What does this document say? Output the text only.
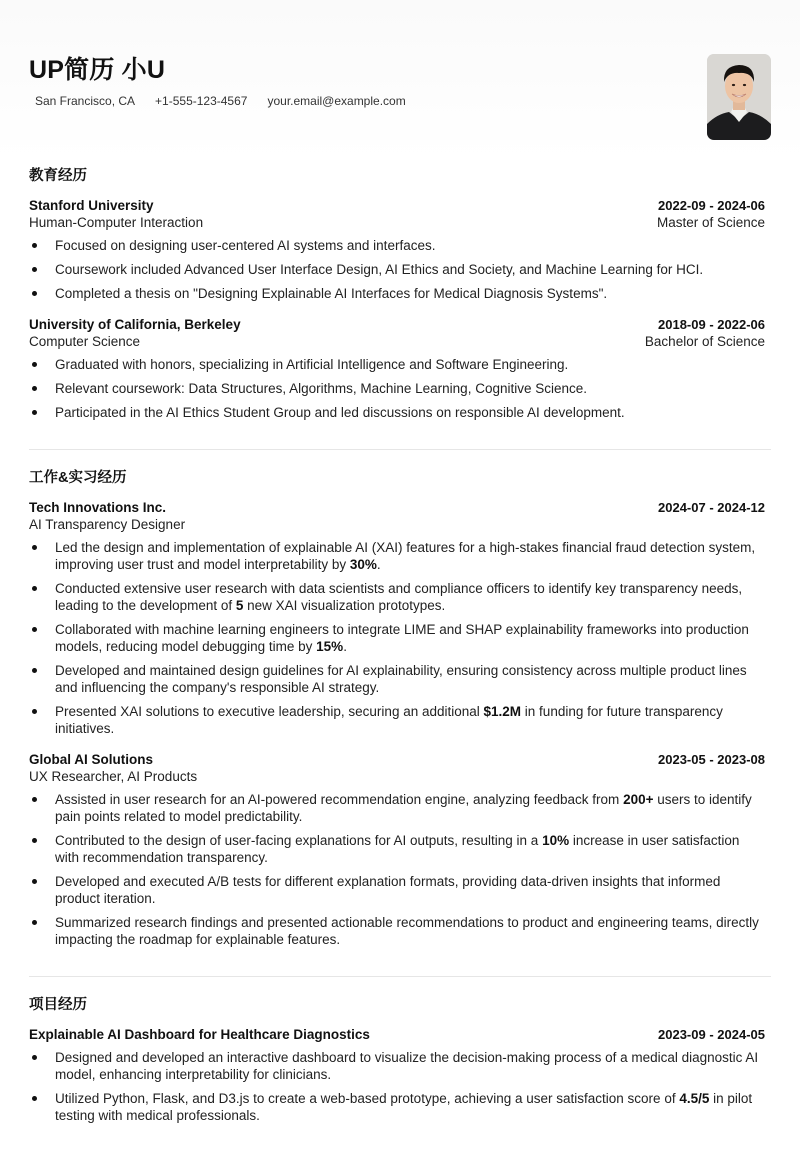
UP简历 小U
San Francisco, CA +1-555-123-4567 your.email@example.com
教育经历
Stanford University	2022-09 - 2024-06
Human-Computer Interaction	Master of Science
Focused on designing user-centered AI systems and interfaces.
Coursework included Advanced User Interface Design, AI Ethics and Society, and Machine Learning for HCI.
Completed a thesis on "Designing Explainable AI Interfaces for Medical Diagnosis Systems".
University of California, Berkeley	2018-09 - 2022-06
Computer Science	Bachelor of Science
Graduated with honors, specializing in Artificial Intelligence and Software Engineering.
Relevant coursework: Data Structures, Algorithms, Machine Learning, Cognitive Science.
Participated in the AI Ethics Student Group and led discussions on responsible AI development.
工作&实习经历
Tech Innovations Inc.	2024-07 - 2024-12
AI Transparency Designer
Led the design and implementation of explainable AI (XAI) features for a high-stakes financial fraud detection system, improving user trust and model interpretability by 30%.
Conducted extensive user research with data scientists and compliance officers to identify key transparency needs, leading to the development of 5 new XAI visualization prototypes.
Collaborated with machine learning engineers to integrate LIME and SHAP explainability frameworks into production models, reducing model debugging time by 15%.
Developed and maintained design guidelines for AI explainability, ensuring consistency across multiple product lines and influencing the company's responsible AI strategy.
Presented XAI solutions to executive leadership, securing an additional $1.2M in funding for future transparency initiatives.
Global AI Solutions	2023-05 - 2023-08
UX Researcher, AI Products
Assisted in user research for an AI-powered recommendation engine, analyzing feedback from 200+ users to identify pain points related to model predictability.
Contributed to the design of user-facing explanations for AI outputs, resulting in a 10% increase in user satisfaction with recommendation transparency.
Developed and executed A/B tests for different explanation formats, providing data-driven insights that informed product iteration.
Summarized research findings and presented actionable recommendations to product and engineering teams, directly impacting the roadmap for explainable features.
项目经历
Explainable AI Dashboard for Healthcare Diagnostics	2023-09 - 2024-05
Designed and developed an interactive dashboard to visualize the decision-making process of a medical diagnostic AI model, enhancing interpretability for clinicians.
Utilized Python, Flask, and D3.js to create a web-based prototype, achieving a user satisfaction score of 4.5/5 in pilot testing with medical professionals.
